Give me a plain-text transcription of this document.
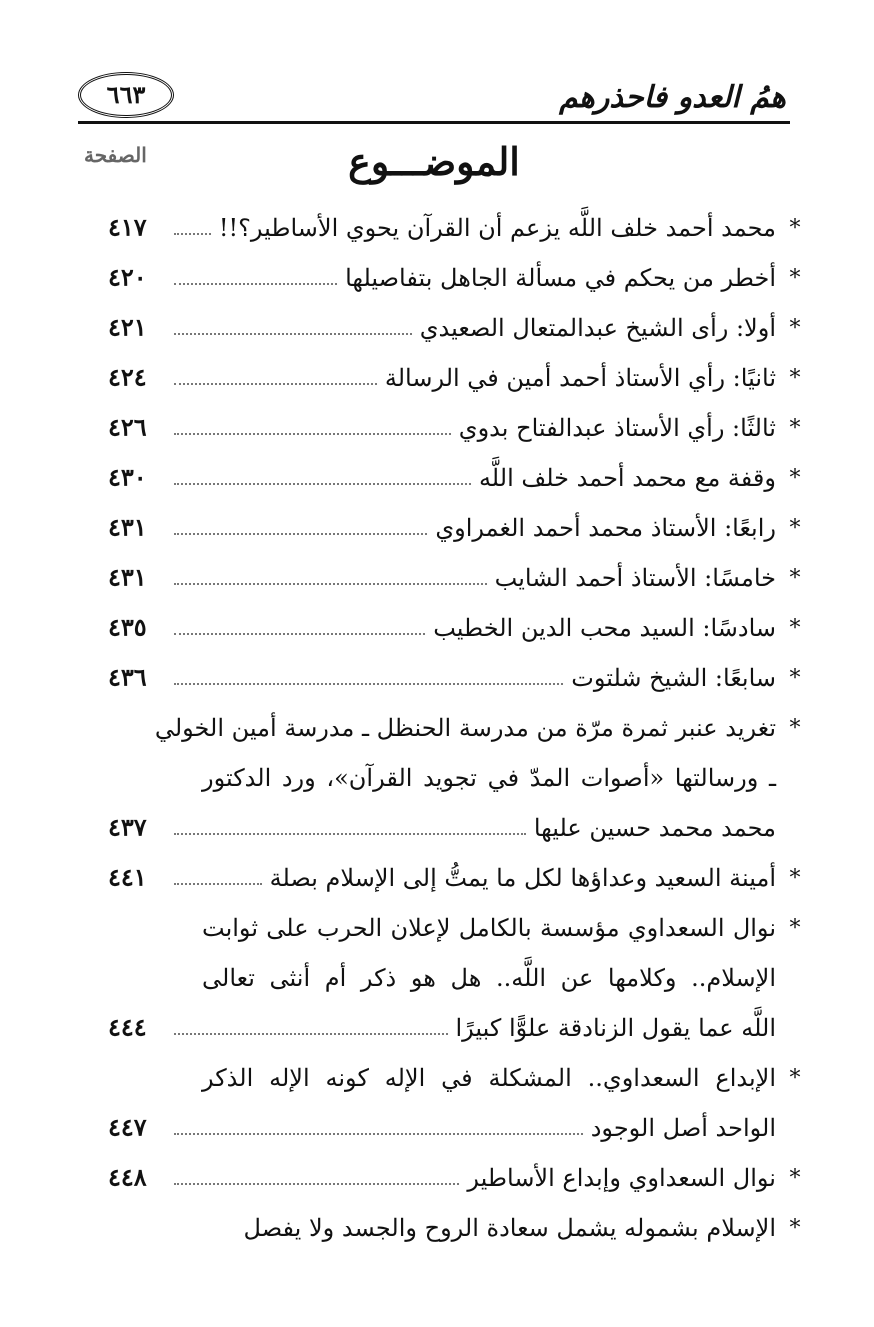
همُ العدو فاحذرهم
٦٦٣
الموضـــوع
الصفحة
*
محمد أحمد خلف اللَّه يزعم أن القرآن يحوي الأساطير؟!!
٤١٧
*
أخطر من يحكم في مسألة الجاهل بتفاصيلها
٤٢٠
*
أولا: رأى الشيخ عبدالمتعال الصعيدي
٤٢١
*
ثانيًا: رأي الأستاذ أحمد أمين في الرسالة
٤٢٤
*
ثالثًا: رأي الأستاذ عبدالفتاح بدوي
٤٢٦
*
وقفة مع محمد أحمد خلف اللَّه
٤٣٠
*
رابعًا: الأستاذ محمد أحمد الغمراوي
٤٣١
*
خامسًا: الأستاذ أحمد الشايب
٤٣١
*
سادسًا: السيد محب الدين الخطيب
٤٣٥
*
سابعًا: الشيخ شلتوت
٤٣٦
*
تغريد عنبر ثمرة مرّة من مدرسة الحنظل ـ مدرسة أمين الخولي
ـ ورسالتها «أصوات المدّ في تجويد القرآن»، ورد الدكتور
محمد محمد حسين عليها
٤٣٧
*
أمينة السعيد وعداؤها لكل ما يمتُّ إلى الإسلام بصلة
٤٤١
*
نوال السعداوي مؤسسة بالكامل لإعلان الحرب على ثوابت
الإسلام.. وكلامها عن اللَّه.. هل هو ذكر أم أنثى تعالى
اللَّه عما يقول الزنادقة علوًّا كبيرًا
٤٤٤
*
الإبداع السعداوي.. المشكلة في الإله كونه الإله الذكر
الواحد أصل الوجود
٤٤٧
*
نوال السعداوي وإبداع الأساطير
٤٤٨
*
الإسلام بشموله يشمل سعادة الروح والجسد ولا يفصل
